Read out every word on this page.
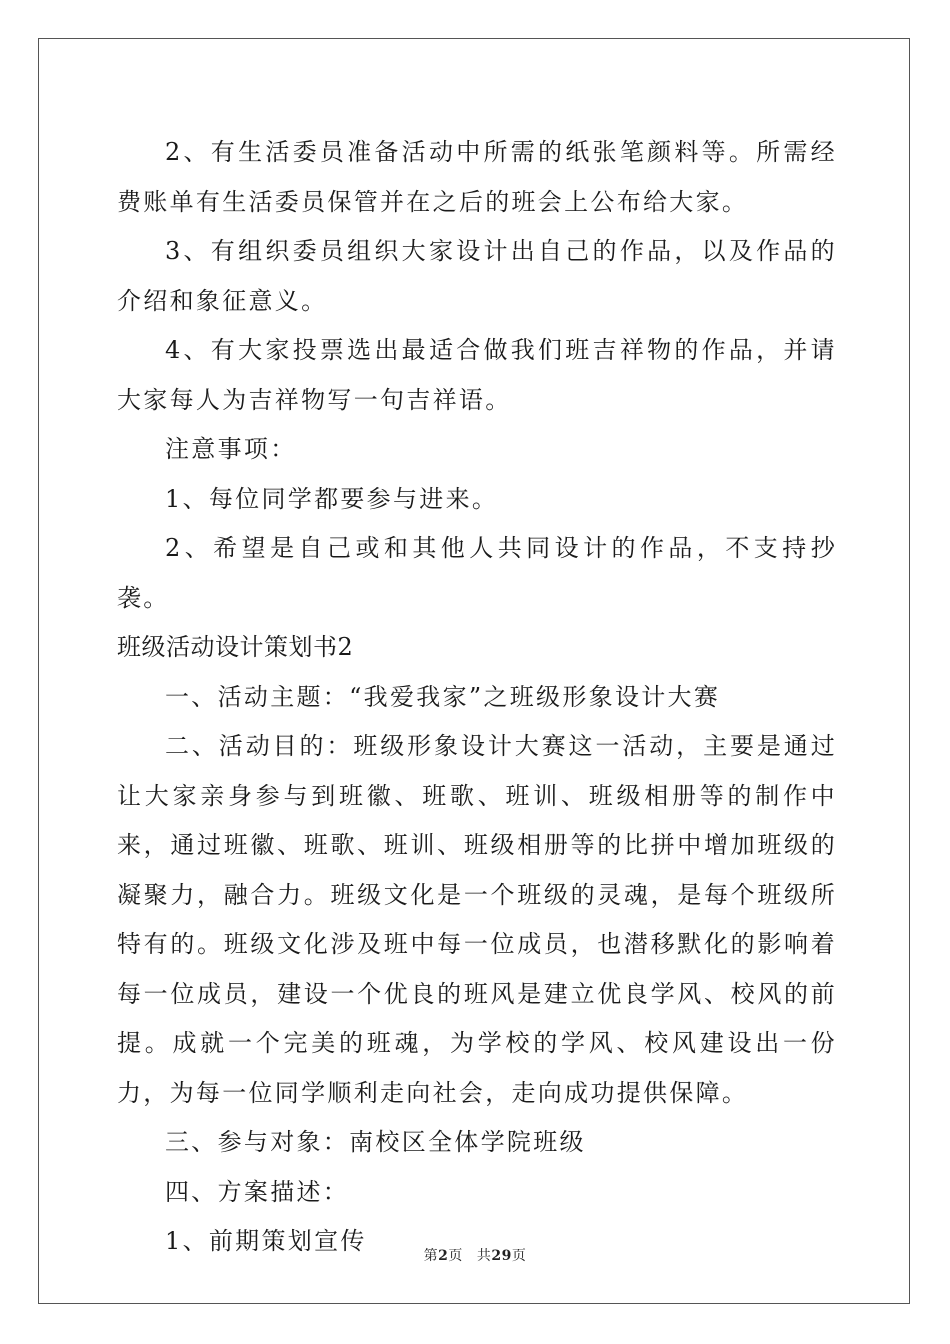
2、有生活委员准备活动中所需的纸张笔颜料等。所需经费账单有生活委员保管并在之后的班会上公布给大家。

3、有组织委员组织大家设计出自己的作品，以及作品的介绍和象征意义。

4、有大家投票选出最适合做我们班吉祥物的作品，并请大家每人为吉祥物写一句吉祥语。

注意事项：

1、每位同学都要参与进来。

2、希望是自己或和其他人共同设计的作品，不支持抄袭。

班级活动设计策划书2

一、活动主题：“我爱我家”之班级形象设计大赛

二、活动目的：班级形象设计大赛这一活动，主要是通过让大家亲身参与到班徽、班歌、班训、班级相册等的制作中来，通过班徽、班歌、班训、班级相册等的比拼中增加班级的凝聚力，融合力。班级文化是一个班级的灵魂，是每个班级所特有的。班级文化涉及班中每一位成员，也潜移默化的影响着每一位成员，建设一个优良的班风是建立优良学风、校风的前提。成就一个完美的班魂，为学校的学风、校风建设出一份力，为每一位同学顺利走向社会，走向成功提供保障。

三、参与对象：南校区全体学院班级

四、方案描述：

1、前期策划宣传

第2页 共29页
